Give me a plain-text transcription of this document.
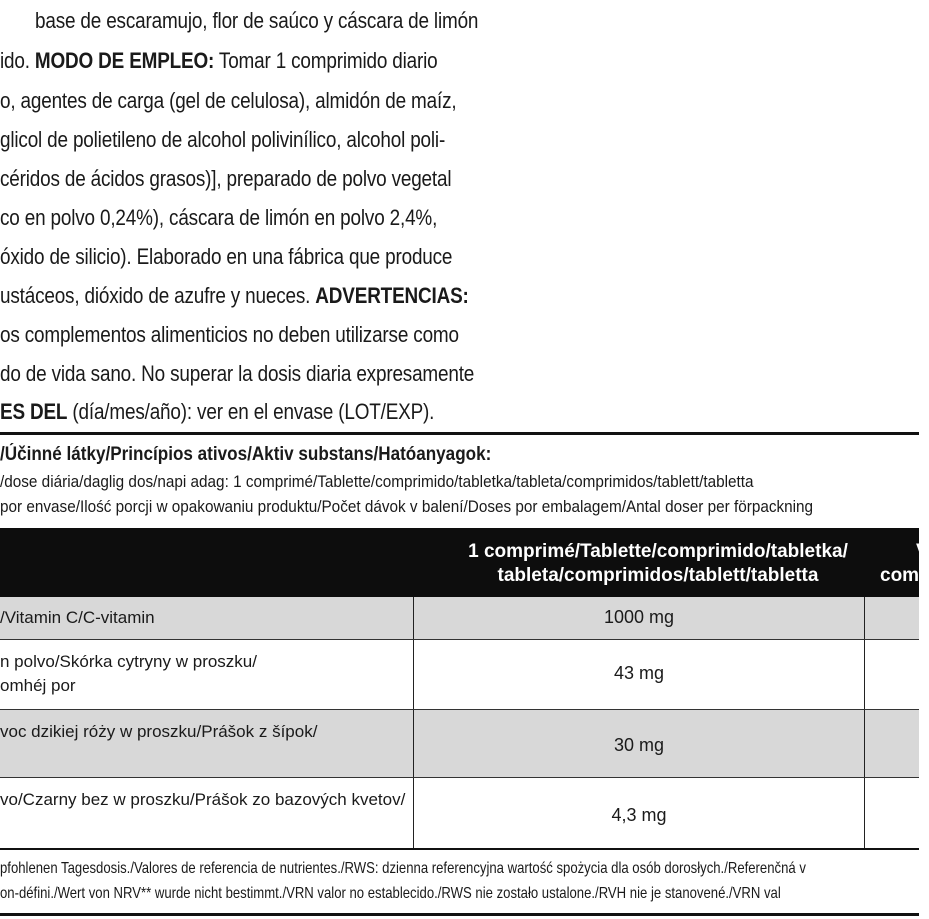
base de escaramujo, flor de saúco y cáscara de limón
ido. MODO DE EMPLEO: Tomar 1 comprimido diario
o, agentes de carga (gel de celulosa), almidón de maíz,
glicol de polietileno de alcohol polivinílico, alcohol poli-
céridos de ácidos grasos)], preparado de polvo vegetal
co en polvo 0,24%), cáscara de limón en polvo 2,4%,
óxido de silicio). Elaborado en una fábrica que produce
ustáceos, dióxido de azufre y nueces. ADVERTENCIAS:
os complementos alimenticios no deben utilizarse como
do de vida sano. No superar la dosis diaria expresamente
ES DEL (día/mes/año): ver en el envase (LOT/EXP).
/Účinné látky/Princípios ativos/Aktiv substans/Hatóanyagok:
/dose diária/daglig dos/napi adag: 1 comprimé/Tablette/comprimido/tabletka/tableta/comprimidos/tablett/tabletta
por envase/Ilość porcji w opakowaniu produktu/Počet dávok v balení/Doses por embalagem/Antal doser per förpackning
1 comprimé/Tablette/comprimido/tabletka/
tableta/comprimidos/tablett/tabletta
V
com
/Vitamin C/C-vitamin	1000 mg
n polvo/Skórka cytryny w proszku/
omhéj por
43 mg
voc dzikiej róży w proszku/Prášok z šípok/
30 mg
vo/Czarny bez w proszku/Prášok zo bazových kvetov/
4,3 mg
pfohlenen Tagesdosis./Valores de referencia de nutrientes./RWS: dzienna referencyjna wartość spożycia dla osób dorosłych./Referenčná v
on-défini./Wert von NRV** wurde nicht bestimmt./VRN valor no establecido./RWS nie zostało ustalone./RVH nie je stanovené./VRN val
